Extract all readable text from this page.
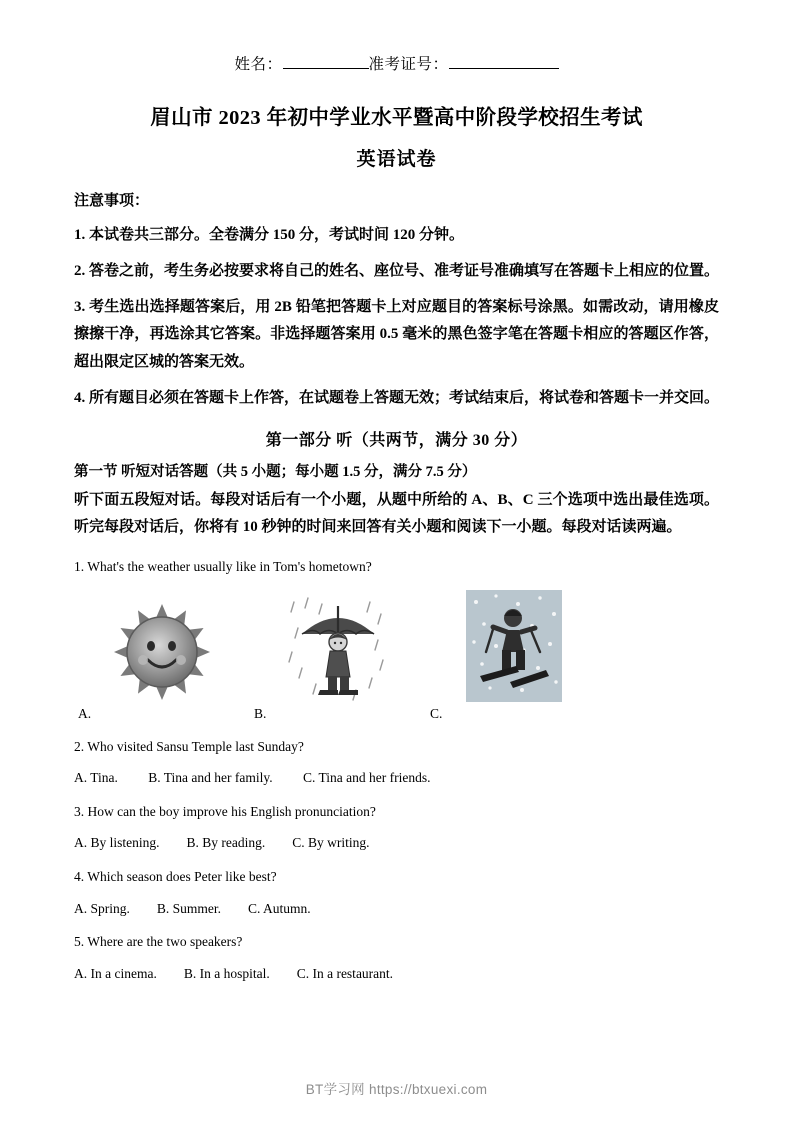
姓名：	准考证号：
眉山市 2023 年初中学业水平暨高中阶段学校招生考试
英语试卷
注意事项：
1. 本试卷共三部分。全卷满分 150 分，考试时间 120 分钟。
2. 答卷之前，考生务必按要求将自己的姓名、座位号、准考证号准确填写在答题卡上相应的位置。
3. 考生选出选择题答案后，用 2B 铅笔把答题卡上对应题目的答案标号涂黑。如需改动，请用橡皮擦擦干净，再选涂其它答案。非选择题答案用 0.5 毫米的黑色签字笔在答题卡相应的答题区作答，超出限定区城的答案无效。
4. 所有题目必须在答题卡上作答，在试题卷上答题无效；考试结束后，将试卷和答题卡一并交回。
第一部分 听（共两节，满分 30 分）
第一节 听短对话答题（共 5 小题；每小题 1.5 分，满分 7.5 分）
听下面五段短对话。每段对话后有一个小题，从题中所给的 A、B、C 三个选项中选出最佳选项。听完每段对话后，你将有 10 秒钟的时间来回答有关小题和阅读下一小题。每段对话读两遍。
1. What's the weather usually like in Tom's hometown?
A.	B.	C.
2. Who visited Sansu Temple last Sunday?
A. Tina.         B. Tina and her family.         C. Tina and her friends.
3. How can the boy improve his English pronunciation?
A. By listening.        B. By reading.        C. By writing.
4. Which season does Peter like best?
A. Spring.        B. Summer.        C. Autumn.
5. Where are the two speakers?
A. In a cinema.        B. In a hospital.        C. In a restaurant.
BT学习网 https://btxuexi.com
